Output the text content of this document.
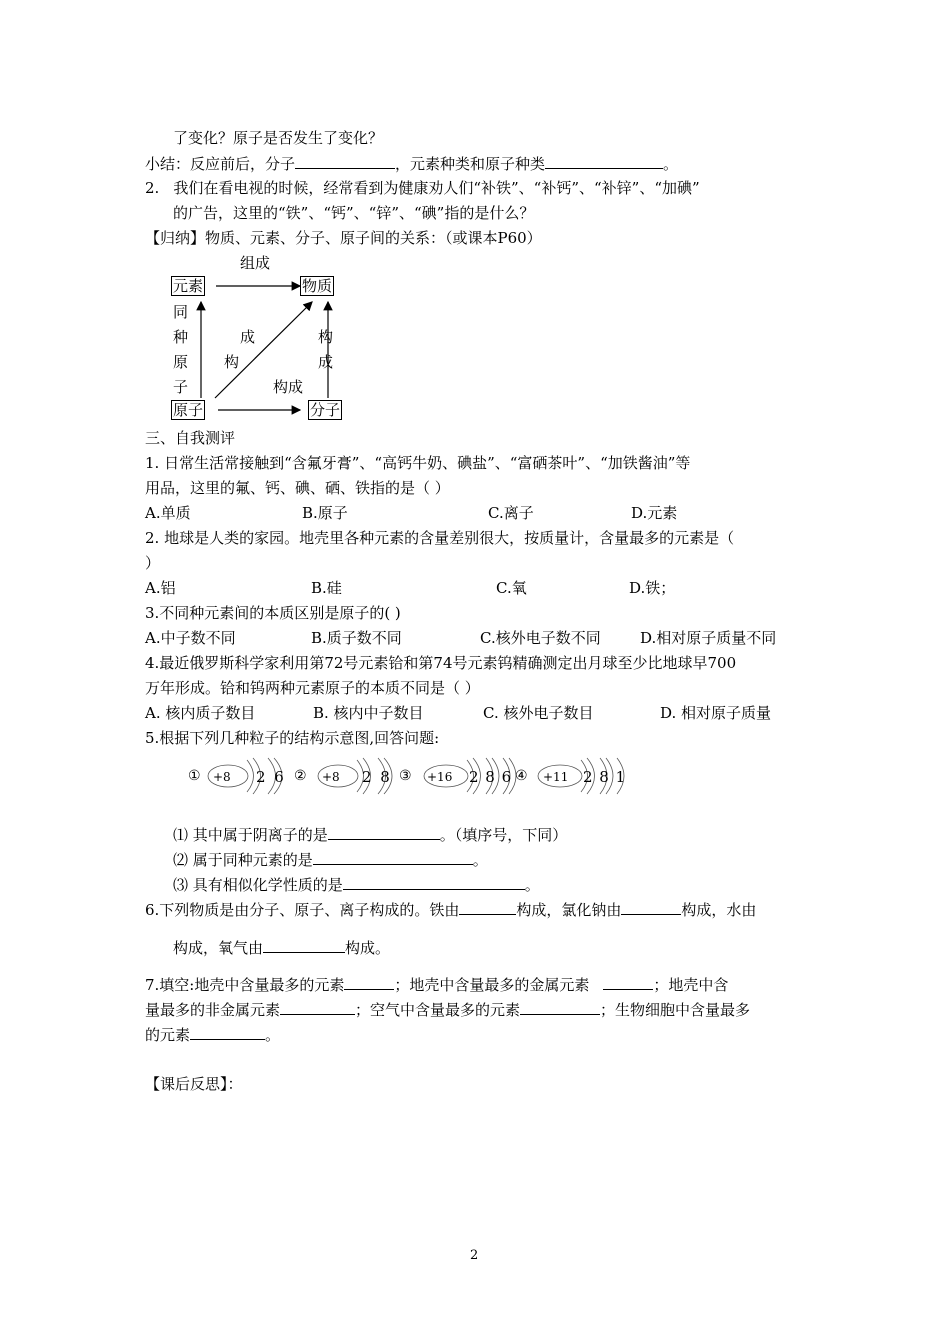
了变化？原子是否发生了变化？
小结：反应前后，分子	，元素种类和原子种类	。
2. 我们在看电视的时候，经常看到为健康劝人们“补铁”、“补钙”、“补锌”、“加碘”
的广告，这里的“铁”、“钙”、“锌”、“碘”指的是什么？
【归纳】物质、元素、分子、原子间的关系：（或课本P60）
组成
元素	物质
原子	分子
同
种
原
子
成
构
构
成
构成
三、自我测评
1. 日常生活常接触到“含氟牙膏”、“高钙牛奶、碘盐”、“富硒茶叶”、“加铁酱油”等
用品，这里的氟、钙、碘、硒、铁指的是（ ）
A.单质	B.原子	C.离子	D.元素
2. 地球是人类的家园。地壳里各种元素的含量差别很大，按质量计，含量最多的元素是（
）
A.铝	B.硅	C.氧	D.铁；
3.不同种元素间的本质区别是原子的( )
A.中子数不同	B.质子数不同	C.核外电子数不同	D.相对原子质量不同
4.最近俄罗斯科学家利用第72号元素铪和第74号元素钨精确测定出月球至少比地球早700
万年形成。铪和钨两种元素原子的本质不同是（ ）
A. 核内质子数目	B. 核内中子数目	C. 核外电子数目	D. 相对原子质量
5.根据下列几种粒子的结构示意图,回答问题:
① +8 2 6 ② +8 2 8 ③ +16 2 8 6 ④ +11 2 8 1
⑴ 其中属于阴离子的是	。（填序号，下同）
⑵ 属于同种元素的是	。
⑶ 具有相似化学性质的是	。
6.下列物质是由分子、原子、离子构成的。铁由	构成，氯化钠由	构成，水由
构成，氧气由	构成。
7.填空:地壳中含量最多的元素	；地壳中含量最多的金属元素	；地壳中含
量最多的非金属元素	；空气中含量最多的元素	；生物细胞中含量最多
的元素	。
【课后反思】：
2
